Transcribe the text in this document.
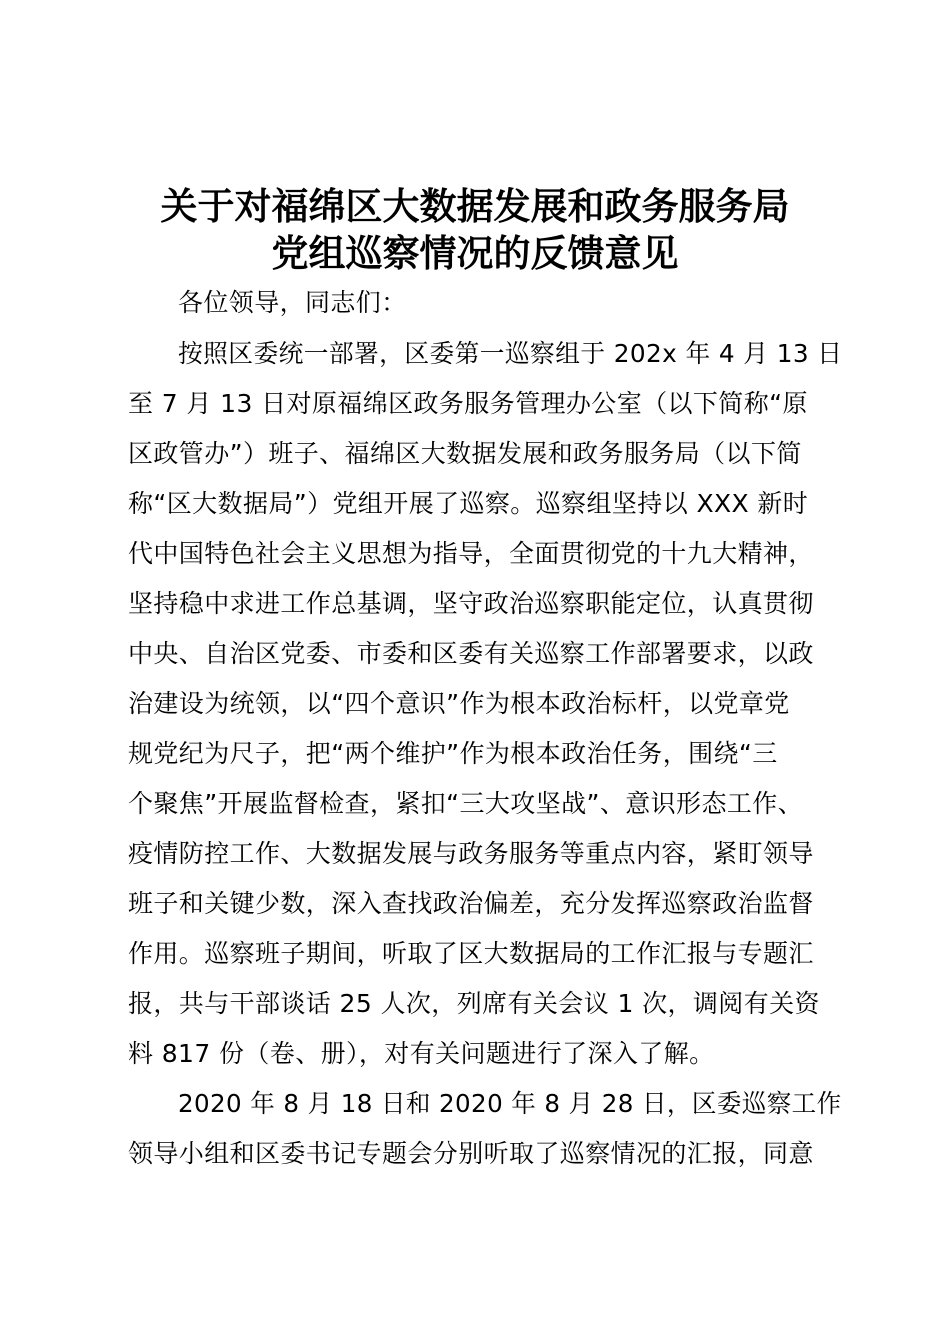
关于对福绵区大数据发展和政务服务局
党组巡察情况的反馈意见
各位领导，同志们：
按照区委统一部署，区委第一巡察组于 202x 年 4 月 13 日
至 7 月 13 日对原福绵区政务服务管理办公室（以下简称“原
区政管办”）班子、福绵区大数据发展和政务服务局（以下简
称“区大数据局”）党组开展了巡察。巡察组坚持以 XXX 新时
代中国特色社会主义思想为指导，全面贯彻党的十九大精神，
坚持稳中求进工作总基调，坚守政治巡察职能定位，认真贯彻
中央、自治区党委、市委和区委有关巡察工作部署要求，以政
治建设为统领，以“四个意识”作为根本政治标杆，以党章党
规党纪为尺子，把“两个维护”作为根本政治任务，围绕“三
个聚焦”开展监督检查，紧扣“三大攻坚战”、意识形态工作、
疫情防控工作、大数据发展与政务服务等重点内容，紧盯领导
班子和关键少数，深入查找政治偏差，充分发挥巡察政治监督
作用。巡察班子期间，听取了区大数据局的工作汇报与专题汇
报，共与干部谈话 25 人次，列席有关会议 1 次，调阅有关资
料 817 份（卷、册），对有关问题进行了深入了解。
2020 年 8 月 18 日和 2020 年 8 月 28 日，区委巡察工作
领导小组和区委书记专题会分别听取了巡察情况的汇报，同意
